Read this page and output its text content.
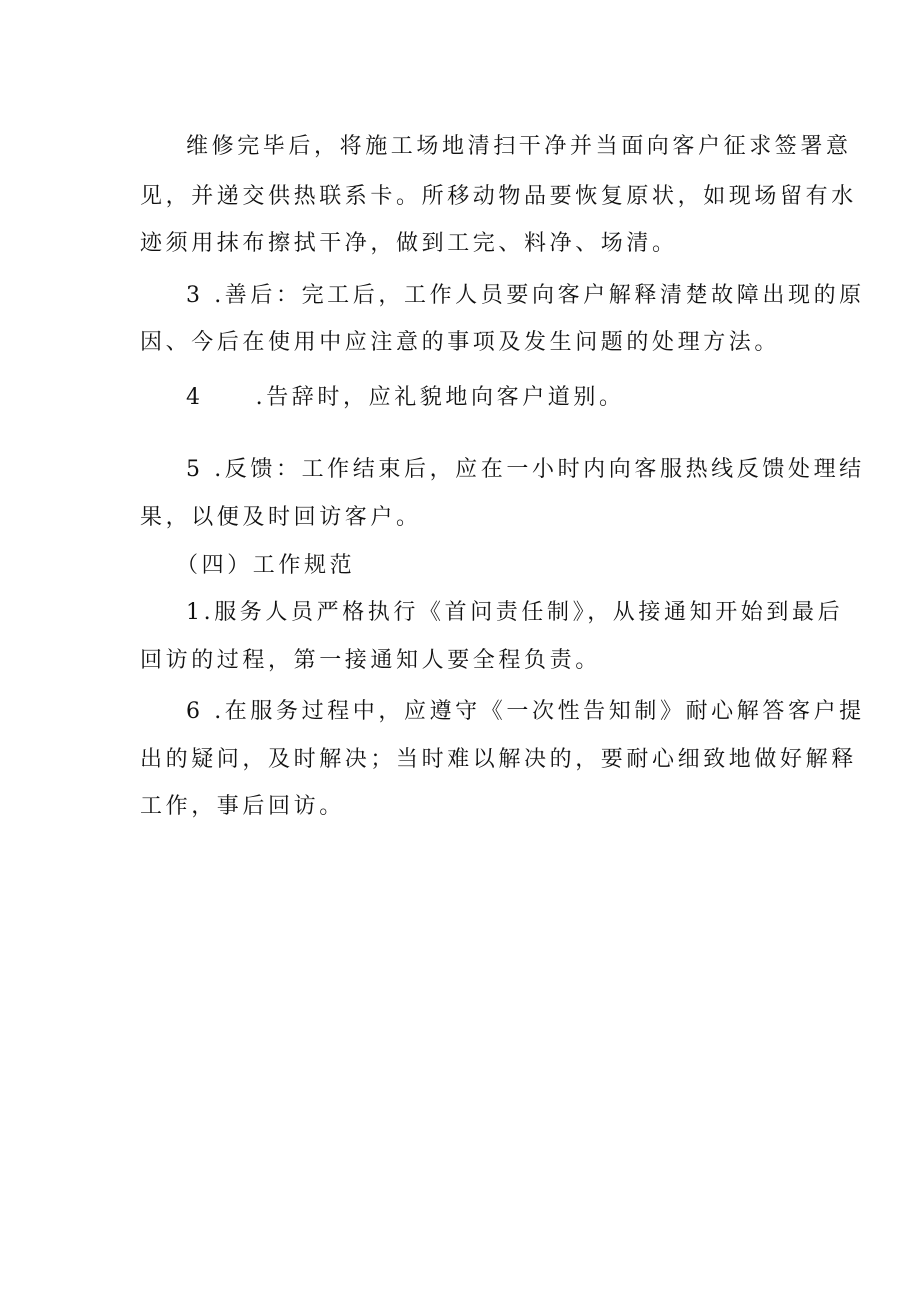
维修完毕后，将施工场地清扫干净并当面向客户征求签署意
见，并递交供热联系卡。所移动物品要恢复原状，如现场留有水
迹须用抹布擦拭干净，做到工完、料净、场清。
3 .善后：完工后，工作人员要向客户解释清楚故障出现的原
因、今后在使用中应注意的事项及发生问题的处理方法。
4 .告辞时，应礼貌地向客户道别。
5 .反馈：工作结束后，应在一小时内向客服热线反馈处理结
果，以便及时回访客户。
（四）工作规范
1.服务人员严格执行《首问责任制》，从接通知开始到最后
回访的过程，第一接通知人要全程负责。
6 .在服务过程中，应遵守《一次性告知制》耐心解答客户提
出的疑问，及时解决；当时难以解决的，要耐心细致地做好解释
工作，事后回访。
